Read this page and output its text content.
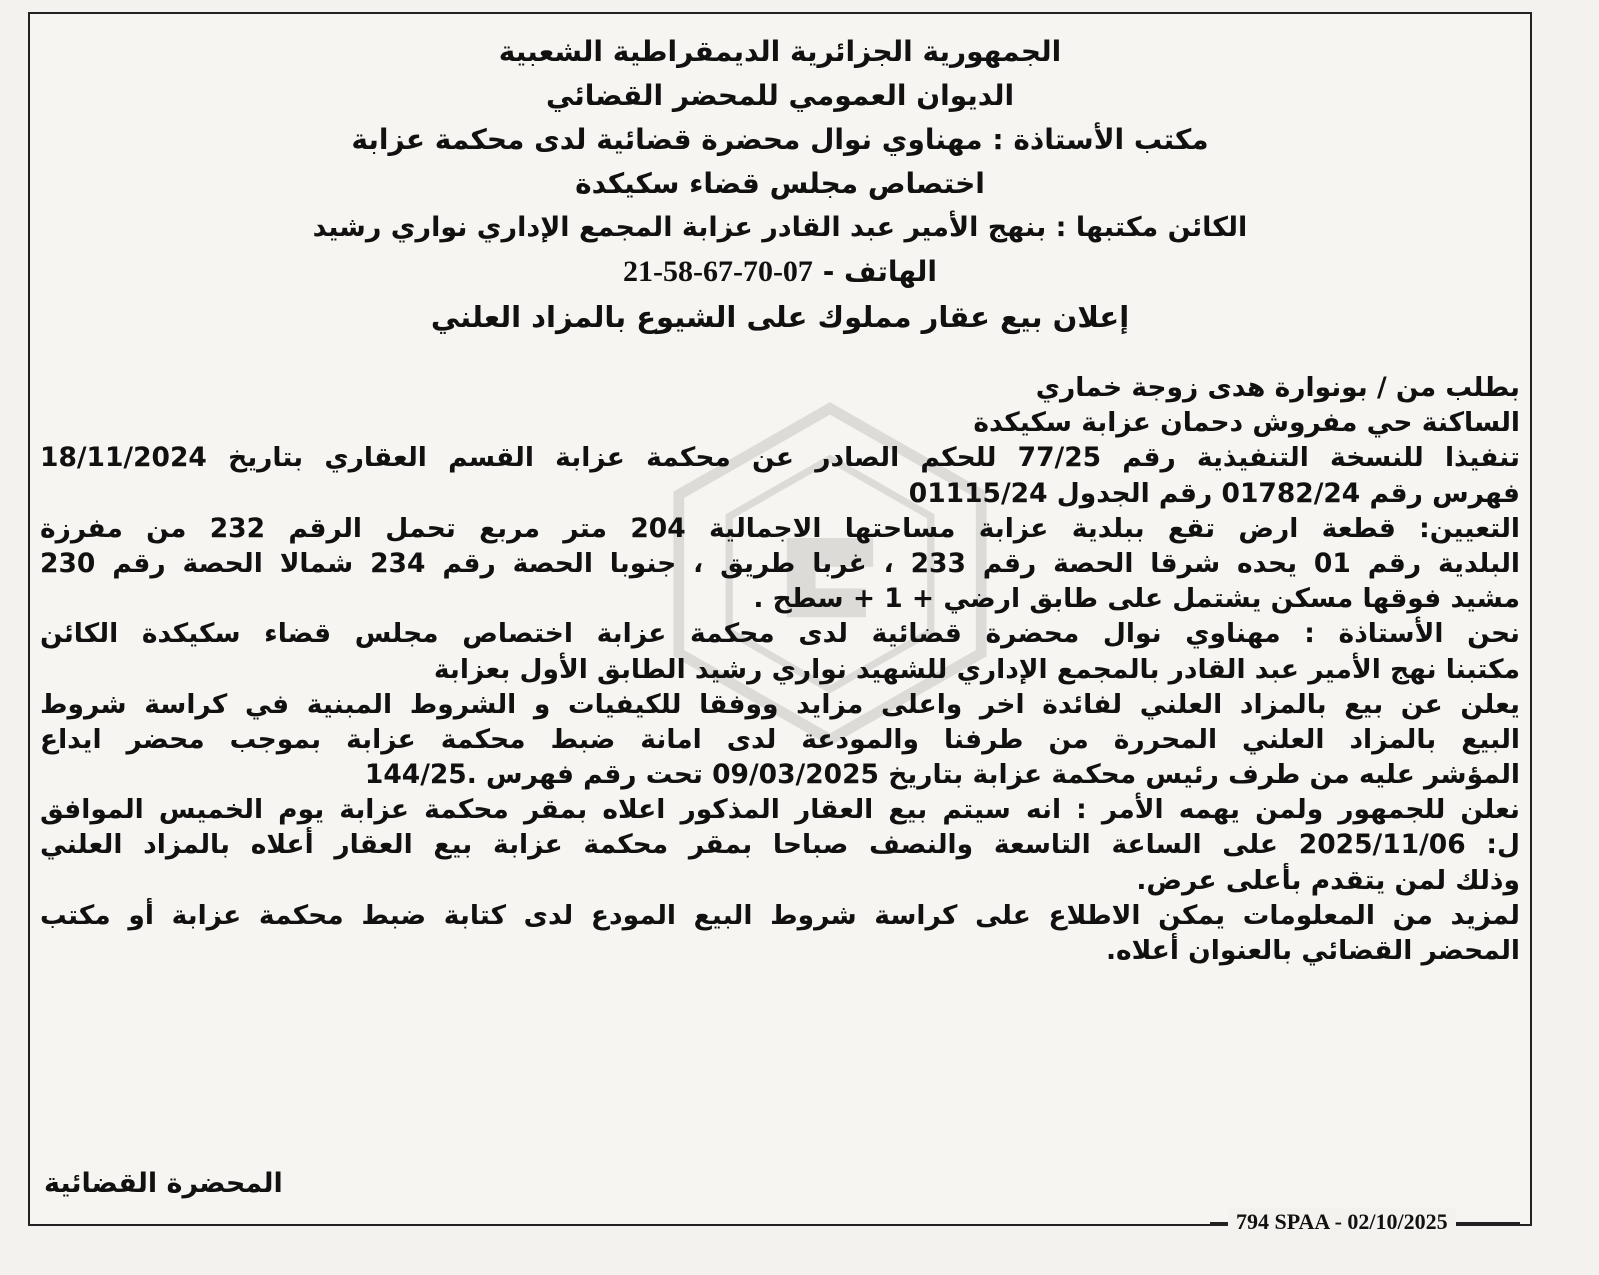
الجمهورية الجزائرية الديمقراطية الشعبية
الديوان العمومي للمحضر القضائي
مكتب الأستاذة : مهناوي نوال محضرة قضائية لدى محكمة عزابة
اختصاص مجلس قضاء سكيكدة
الكائن مكتبها : بنهج الأمير عبد القادر عزابة المجمع الإداري نواري رشيد
الهاتف - 21-58-67-70-07
إعلان بيع عقار مملوك على الشيوع بالمزاد العلني
بطلب من / بونوارة هدى زوجة خماري
الساكنة حي مفروش دحمان عزابة سكيكدة
تنفيذا للنسخة التنفيذية رقم 77/25 للحكم الصادر عن محكمة عزابة القسم العقاري بتاريخ 18/11/2024
فهرس رقم 01782/24 رقم الجدول 01115/24
التعيين: قطعة ارض تقع ببلدية عزابة مساحتها الاجمالية 204 متر مربع تحمل الرقم 232 من مفرزة
البلدية رقم 01 يحده شرقا الحصة رقم 233 ، غربا طريق ، جنوبا الحصة رقم 234 شمالا الحصة رقم 230
مشيد فوقها مسكن يشتمل على طابق ارضي + 1 + سطح .
نحن الأستاذة : مهناوي نوال محضرة قضائية لدى محكمة عزابة اختصاص مجلس قضاء سكيكدة الكائن
مكتبنا نهج الأمير عبد القادر بالمجمع الإداري للشهيد نواري رشيد الطابق الأول بعزابة
يعلن عن بيع بالمزاد العلني لفائدة اخر واعلى مزايد ووفقا للكيفيات و الشروط المبنية في كراسة شروط
البيع بالمزاد العلني المحررة من طرفنا والمودعة لدى امانة ضبط محكمة عزابة بموجب محضر ايداع
المؤشر عليه من طرف رئيس محكمة عزابة بتاريخ 09/03/2025 تحت رقم فهرس .144/25
نعلن للجمهور ولمن يهمه الأمر : انه سيتم بيع العقار المذكور اعلاه بمقر محكمة عزابة يوم الخميس الموافق
ل: 2025/11/06 على الساعة التاسعة والنصف صباحا بمقر محكمة عزابة بيع العقار أعلاه بالمزاد العلني
وذلك لمن يتقدم بأعلى عرض.
لمزيد من المعلومات يمكن الاطلاع على كراسة شروط البيع المودع لدى كتابة ضبط محكمة عزابة أو مكتب
المحضر القضائي بالعنوان أعلاه.
المحضرة القضائية
794 SPAA - 02/10/2025
